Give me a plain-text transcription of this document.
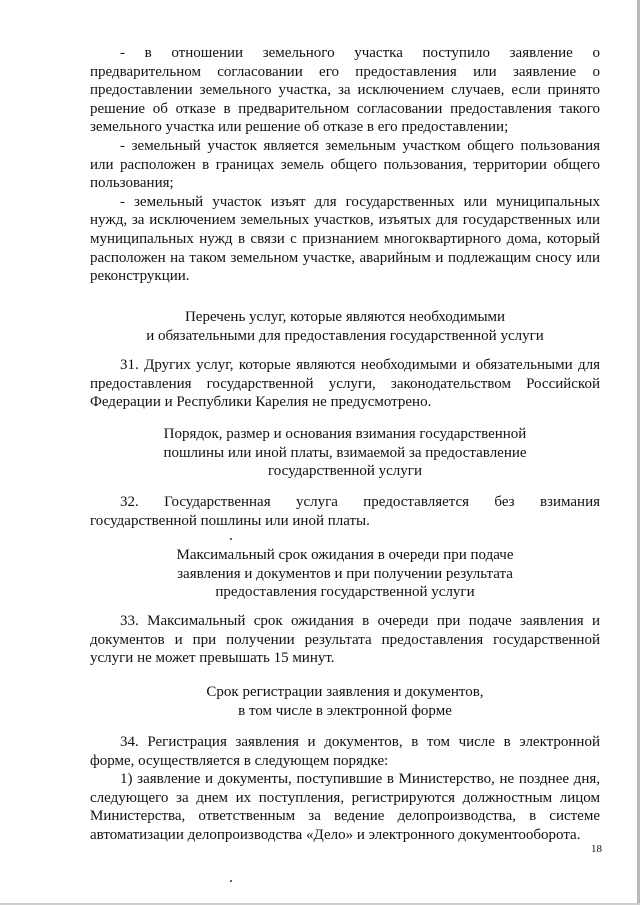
- в отношении земельного участка поступило заявление о предварительном согласовании его предоставления или заявление о предоставлении земельного участка, за исключением случаев, если принято решение об отказе в предварительном согласовании предоставления такого земельного участка или решение об отказе в его предоставлении;

- земельный участок является земельным участком общего пользования или расположен в границах земель общего пользования, территории общего пользования;

- земельный участок изъят для государственных или муниципальных нужд, за исключением земельных участков, изъятых для государственных или муниципальных нужд в связи с признанием многоквартирного дома, который расположен на таком земельном участке, аварийным и подлежащим сносу или реконструкции.

Перечень услуг, которые являются необходимыми
и обязательными для предоставления государственной услуги

31. Других услуг, которые являются необходимыми и обязательными для предоставления государственной услуги, законодательством Российской Федерации и Республики Карелия не предусмотрено.

Порядок, размер и основания взимания государственной
пошлины или иной платы, взимаемой за предоставление
государственной услуги

32. Государственная услуга предоставляется без взимания государственной пошлины или иной платы.

Максимальный срок ожидания в очереди при подаче
заявления и документов и при получении результата
предоставления государственной услуги

33. Максимальный срок ожидания в очереди при подаче заявления и документов и при получении результата предоставления государственной услуги не может превышать 15 минут.

Срок регистрации заявления и документов,
в том числе в электронной форме

34. Регистрация заявления и документов, в том числе в электронной форме, осуществляется в следующем порядке:

1) заявление и документы, поступившие в Министерство, не позднее дня, следующего за днем их поступления, регистрируются должностным лицом Министерства, ответственным за ведение делопроизводства, в системе автоматизации делопроизводства «Дело» и электронного документооборота.

18
